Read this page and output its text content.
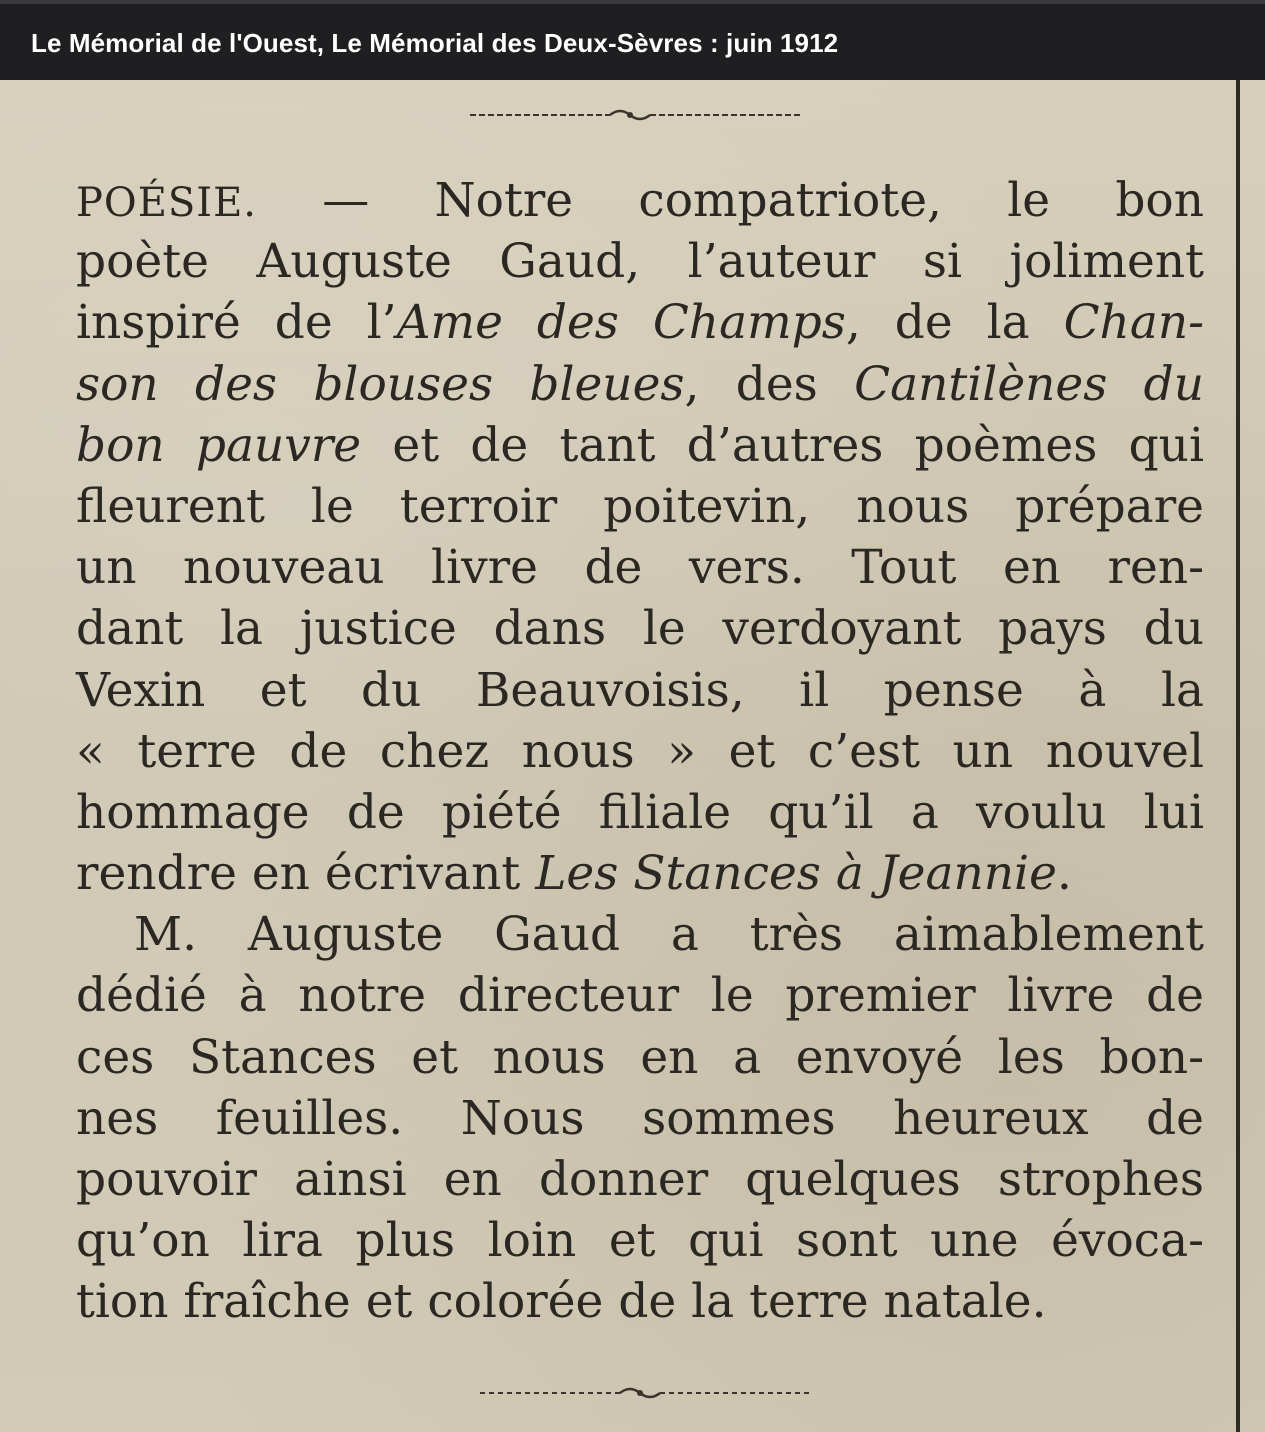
Le Mémorial de l'Ouest, Le Mémorial des Deux-Sèvres : juin 1912
POÉSIE. — Notre compatriote, le bon
poète Auguste Gaud, l’auteur si joliment
inspiré de l’Ame des Champs, de la Chan-
son des blouses bleues, des Cantilènes du
bon pauvre et de tant d’autres poèmes qui
fleurent le terroir poitevin, nous prépare
un nouveau livre de vers. Tout en ren-
dant la justice dans le verdoyant pays du
Vexin et du Beauvoisis, il pense à la
« terre de chez nous » et c’est un nouvel
hommage de piété filiale qu’il a voulu lui
rendre en écrivant Les Stances à Jeannie.
M. Auguste Gaud a très aimablement
dédié à notre directeur le premier livre de
ces Stances et nous en a envoyé les bon-
nes feuilles. Nous sommes heureux de
pouvoir ainsi en donner quelques strophes
qu’on lira plus loin et qui sont une évoca-
tion fraîche et colorée de la terre natale.
